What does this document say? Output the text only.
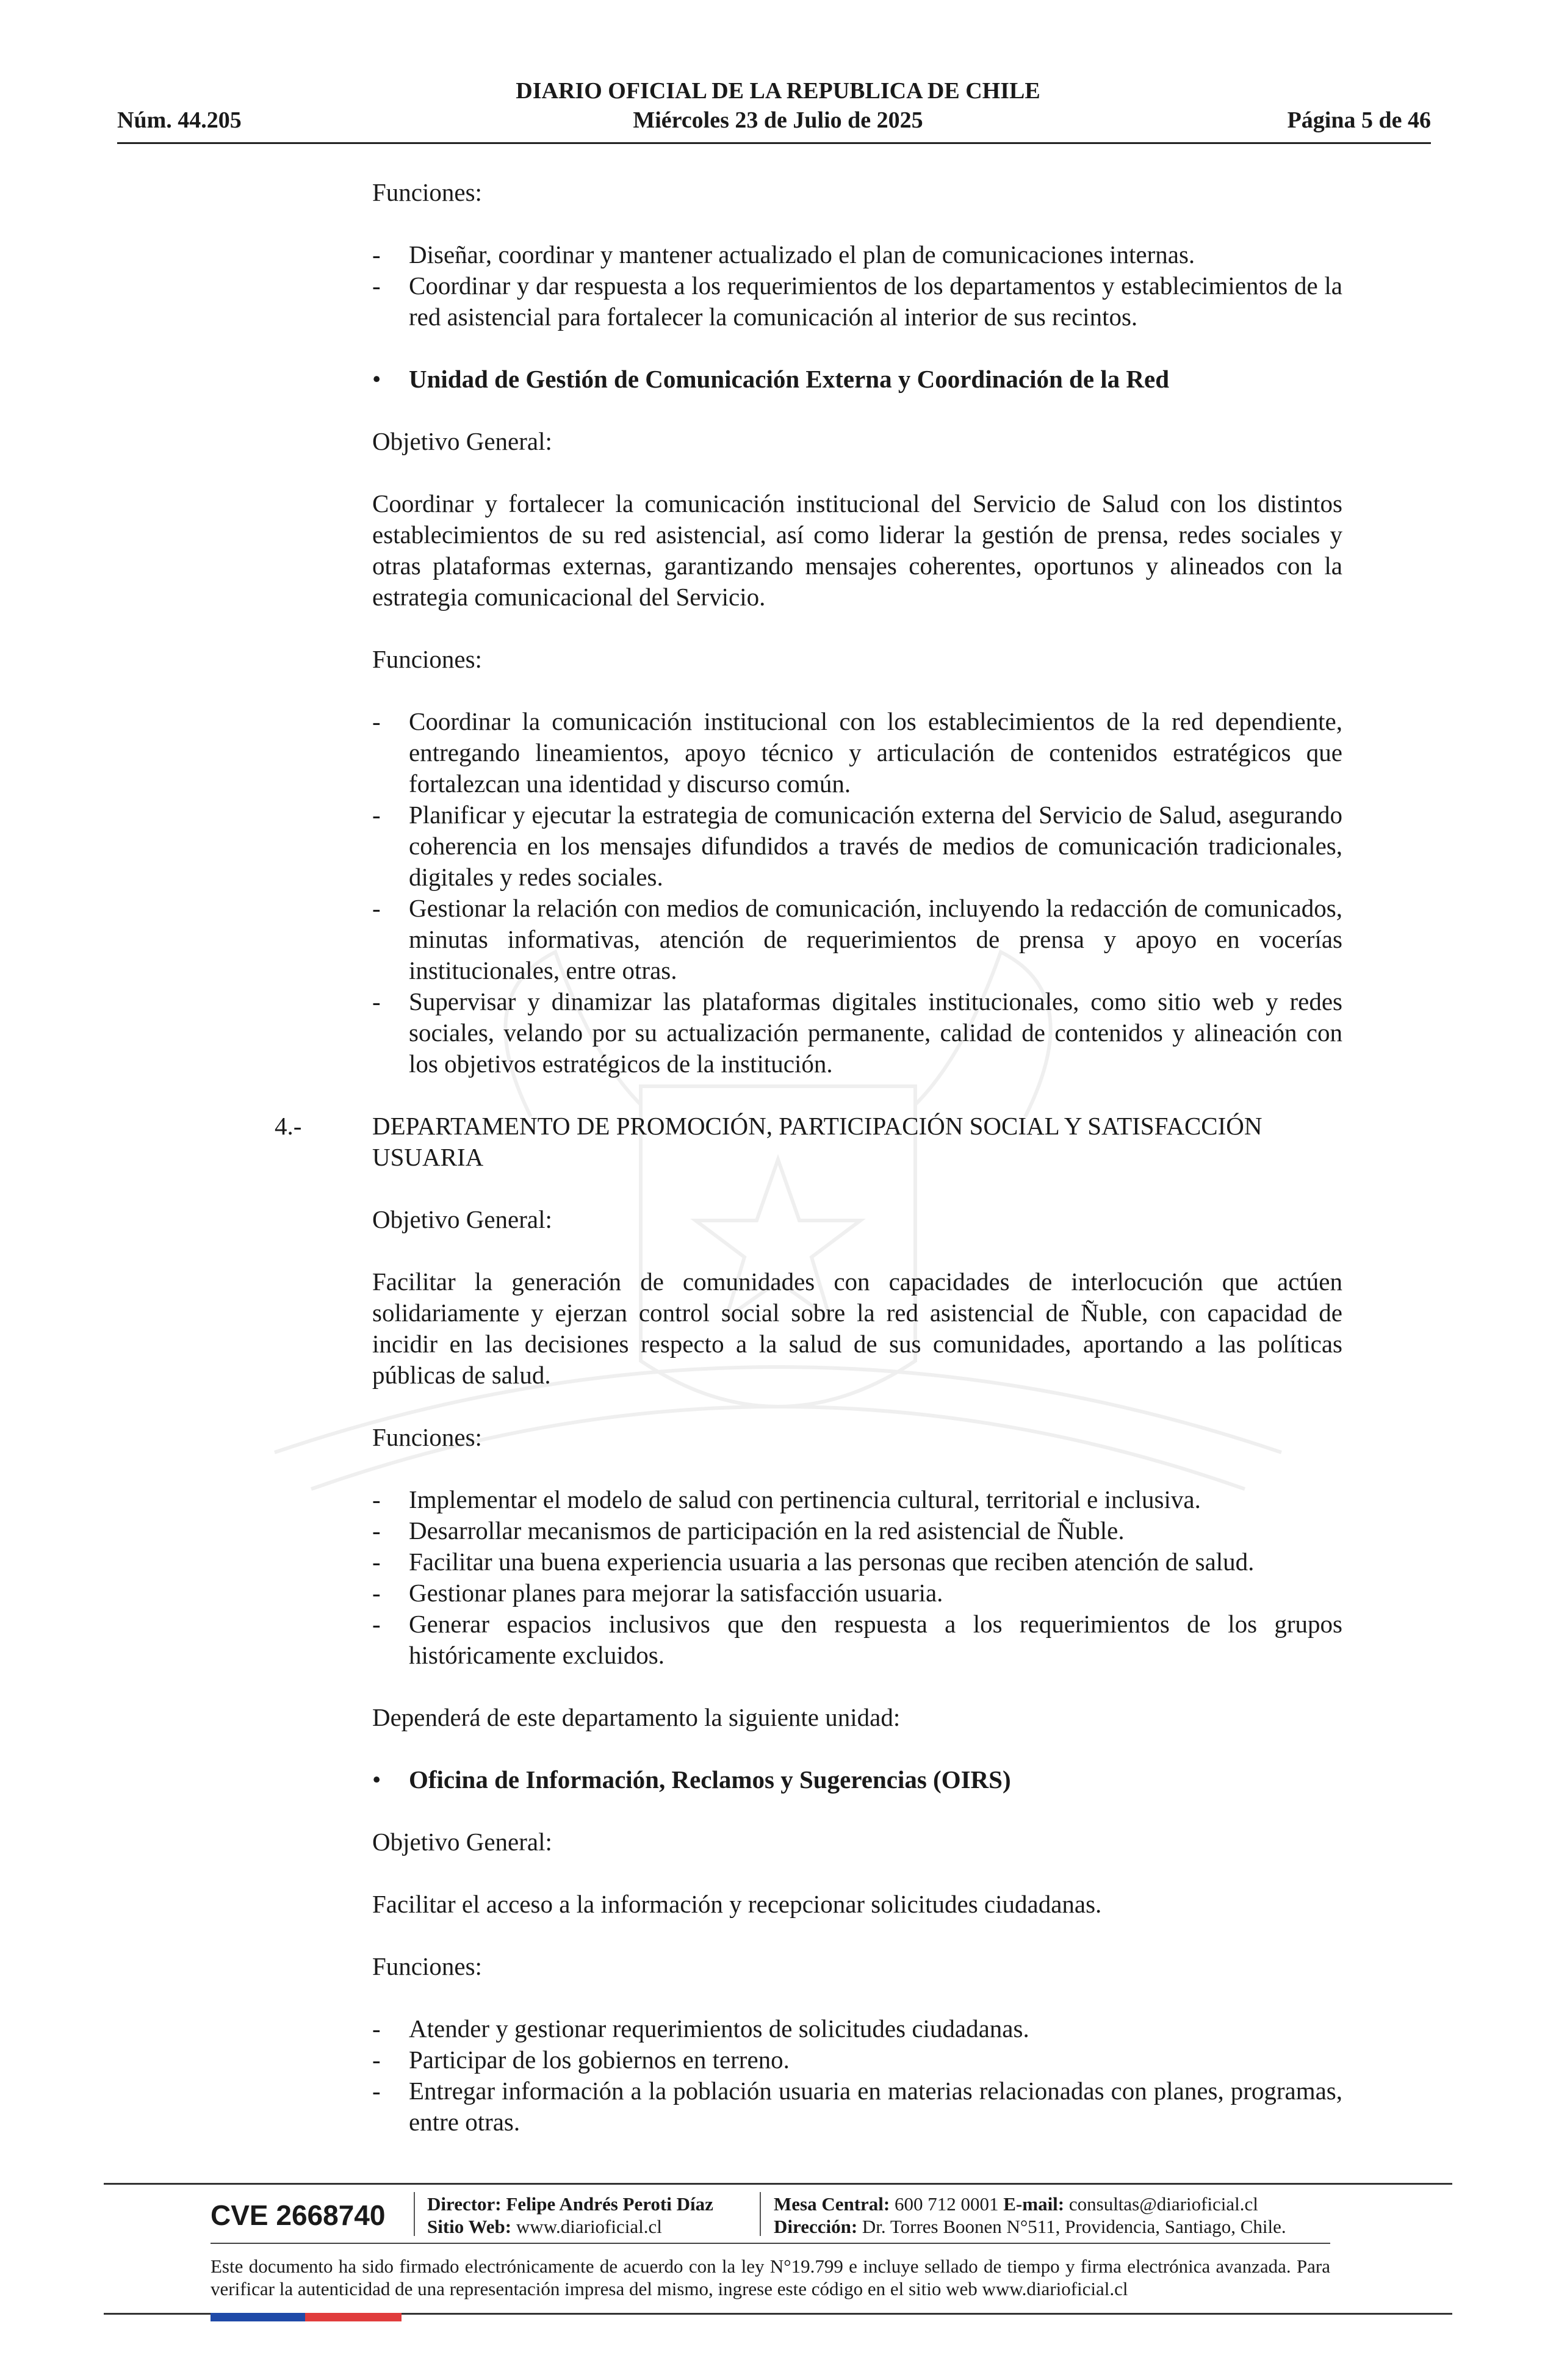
Núm. 44.205
DIARIO OFICIAL DE LA REPUBLICA DE CHILE
Miércoles 23 de Julio de 2025	Página 5 de 46

Funciones:

- Diseñar, coordinar y mantener actualizado el plan de comunicaciones internas.
- Coordinar y dar respuesta a los requerimientos de los departamentos y establecimientos de la red asistencial para fortalecer la comunicación al interior de sus recintos.

• Unidad de Gestión de Comunicación Externa y Coordinación de la Red

Objetivo General:

Coordinar y fortalecer la comunicación institucional del Servicio de Salud con los distintos establecimientos de su red asistencial, así como liderar la gestión de prensa, redes sociales y otras plataformas externas, garantizando mensajes coherentes, oportunos y alineados con la estrategia comunicacional del Servicio.

Funciones:

- Coordinar la comunicación institucional con los establecimientos de la red dependiente, entregando lineamientos, apoyo técnico y articulación de contenidos estratégicos que fortalezcan una identidad y discurso común.
- Planificar y ejecutar la estrategia de comunicación externa del Servicio de Salud, asegurando coherencia en los mensajes difundidos a través de medios de comunicación tradicionales, digitales y redes sociales.
- Gestionar la relación con medios de comunicación, incluyendo la redacción de comunicados, minutas informativas, atención de requerimientos de prensa y apoyo en vocerías institucionales, entre otras.
- Supervisar y dinamizar las plataformas digitales institucionales, como sitio web y redes sociales, velando por su actualización permanente, calidad de contenidos y alineación con los objetivos estratégicos de la institución.
4.-	DEPARTAMENTO DE PROMOCIÓN, PARTICIPACIÓN SOCIAL Y SATISFACCIÓN USUARIA

Objetivo General:

Facilitar la generación de comunidades con capacidades de interlocución que actúen solidariamente y ejerzan control social sobre la red asistencial de Ñuble, con capacidad de incidir en las decisiones respecto a la salud de sus comunidades, aportando a las políticas públicas de salud.

Funciones:

- Implementar el modelo de salud con pertinencia cultural, territorial e inclusiva.
- Desarrollar mecanismos de participación en la red asistencial de Ñuble.
- Facilitar una buena experiencia usuaria a las personas que reciben atención de salud.
- Gestionar planes para mejorar la satisfacción usuaria.
- Generar espacios inclusivos que den respuesta a los requerimientos de los grupos históricamente excluidos.

Dependerá de este departamento la siguiente unidad:

• Oficina de Información, Reclamos y Sugerencias (OIRS)

Objetivo General:

Facilitar el acceso a la información y recepcionar solicitudes ciudadanas.

Funciones:

- Atender y gestionar requerimientos de solicitudes ciudadanas.
- Participar de los gobiernos en terreno.
- Entregar información a la población usuaria en materias relacionadas con planes, programas, entre otras.
CVE 2668740 Director: Felipe Andrés Peroti Díaz
Sitio Web: www.diarioficial.cl
Mesa Central: 600 712 0001 E-mail: consultas@diarioficial.cl
Dirección: Dr. Torres Boonen N°511, Providencia, Santiago, Chile.
Este documento ha sido firmado electrónicamente de acuerdo con la ley N°19.799 e incluye sellado de tiempo y firma electrónica avanzada. Para verificar la autenticidad de una representación impresa del mismo, ingrese este código en el sitio web www.diarioficial.cl
